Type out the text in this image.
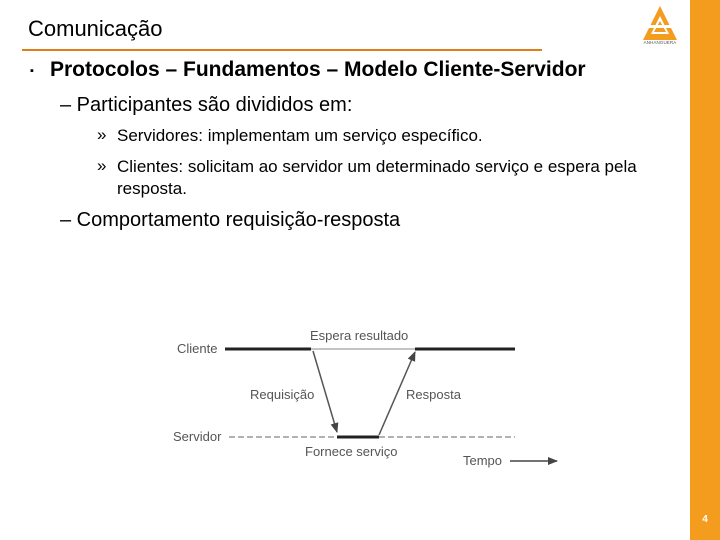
Comunicação
ANHANGUERA
4
▪ Protocolos – Fundamentos – Modelo Cliente-Servidor
– Participantes são divididos em:
» Servidores: implementam um serviço específico.
» Clientes: solicitam ao servidor um determinado serviço e espera pela resposta.
– Comportamento requisição-resposta
Cliente
Espera resultado
Requisição	Resposta
Servidor
Fornece serviço
Tempo
